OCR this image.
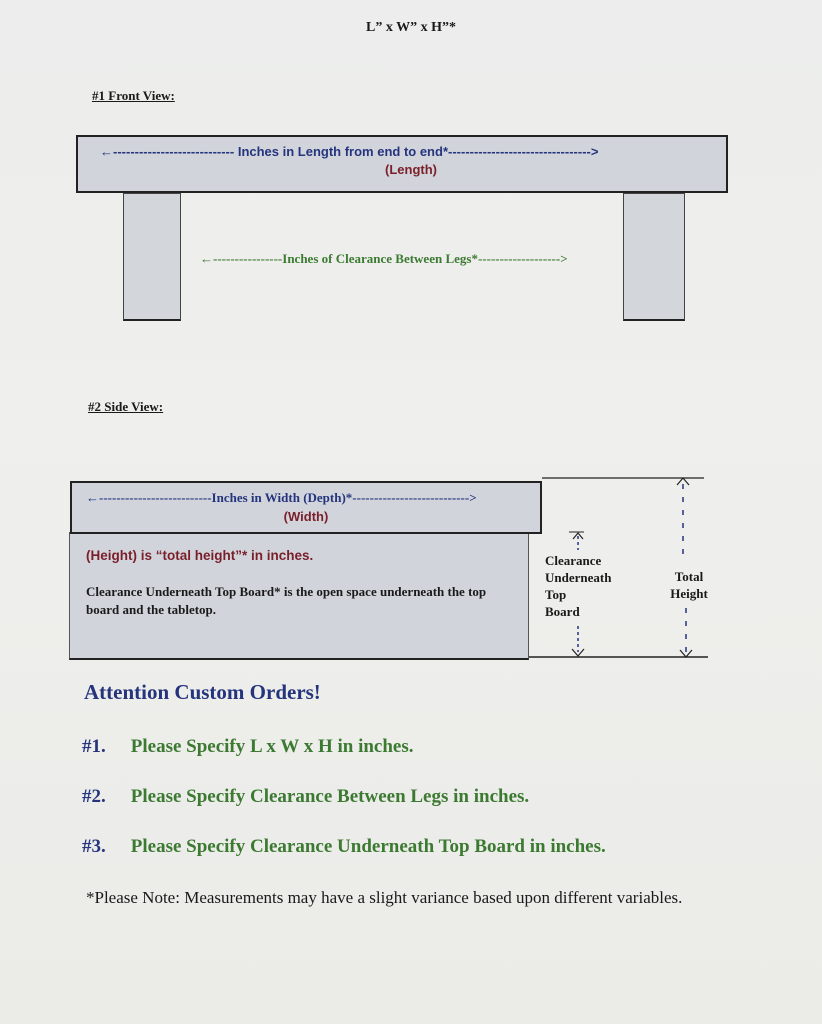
L” x W” x H”*
#1 Front View:
←---------------------------- Inches in Length from end to end*--------------------------------->
(Length)
←----------------Inches of Clearance Between Legs*------------------->
#2 Side View:
←--------------------------Inches in Width (Depth)*--------------------------->
(Width)
(Height) is “total height”* in inches.
Clearance Underneath Top Board* is the open space underneath the top board and the tabletop.
Clearance
Underneath
Top
Board
Total
Height
Attention Custom Orders!
#1. Please Specify L x W x H in inches.
#2. Please Specify Clearance Between Legs in inches.
#3. Please Specify Clearance Underneath Top Board in inches.
*Please Note: Measurements may have a slight variance based upon different variables.
